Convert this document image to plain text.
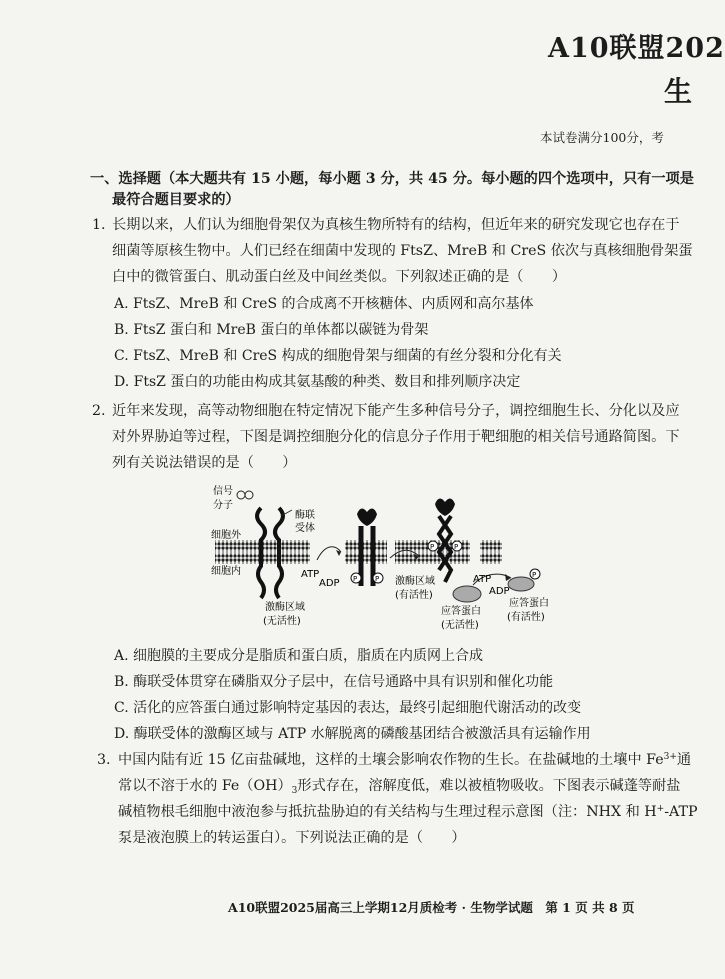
A10联盟202
生
本试卷满分100分，考
一、选择题（本大题共有 15 小题，每小题 3 分，共 45 分。每小题的四个选项中，只有一项是
最符合题目要求的）
1. 长期以来，人们认为细胞骨架仅为真核生物所特有的结构，但近年来的研究发现它也存在于
细菌等原核生物中。人们已经在细菌中发现的 FtsZ、MreB 和 CreS 依次与真核细胞骨架蛋
白中的微管蛋白、肌动蛋白丝及中间丝类似。下列叙述正确的是（　　）
A. FtsZ、MreB 和 CreS 的合成离不开核糖体、内质网和高尔基体
B. FtsZ 蛋白和 MreB 蛋白的单体都以碳链为骨架
C. FtsZ、MreB 和 CreS 构成的细胞骨架与细菌的有丝分裂和分化有关
D. FtsZ 蛋白的功能由构成其氨基酸的种类、数目和排列顺序决定
2. 近年来发现，高等动物细胞在特定情况下能产生多种信号分子，调控细胞生长、分化以及应
对外界胁迫等过程，下图是调控细胞分化的信息分子作用于靶细胞的相关信号通路简图。下
列有关说法错误的是（　　）
信号
分子
细胞外
细胞内
酶联
受体
ATP
ADP P	P
P	P
P
ATP
ADP
激酶区域
(无活性)
激酶区域
(有活性)
应答蛋白
(无活性)
应答蛋白
(有活性)
A. 细胞膜的主要成分是脂质和蛋白质，脂质在内质网上合成
B. 酶联受体贯穿在磷脂双分子层中，在信号通路中具有识别和催化功能
C. 活化的应答蛋白通过影响特定基因的表达，最终引起细胞代谢活动的改变
D. 酶联受体的激酶区域与 ATP 水解脱离的磷酸基团结合被激活具有运输作用
3. 中国内陆有近 15 亿亩盐碱地，这样的土壤会影响农作物的生长。在盐碱地的土壤中 $Fe^{3+}$通
常以不溶于水的 $Fe(OH)_3$形式存在，溶解度低，难以被植物吸收。下图表示碱蓬等耐盐
碱植物根毛细胞中液泡参与抵抗盐胁迫的有关结构与生理过程示意图（注：NHX 和 H+-ATP
泵是液泡膜上的转运蛋白）。下列说法正确的是（　　）
A10联盟2025届高三上学期12月质检考 · 生物学试题　第 1 页 共 8 页
